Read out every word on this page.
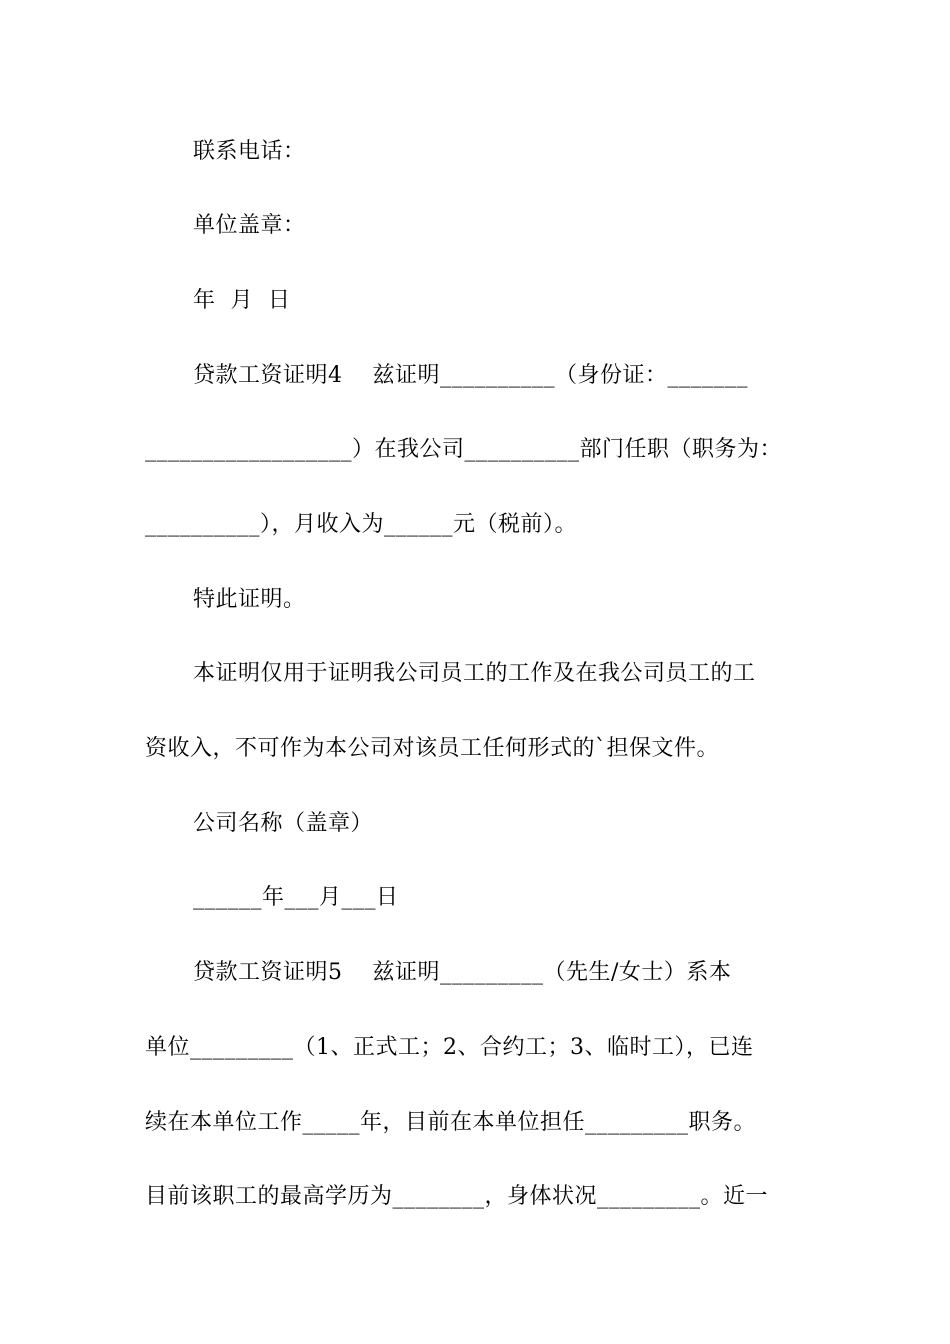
联系电话：
单位盖章：
年  月  日
贷款工资证明4    兹证明__________（身份证：_______
__________________）在我公司__________部门任职（职务为：
__________），月收入为______元（税前）。
特此证明。
本证明仅用于证明我公司员工的工作及在我公司员工的工
资收入，不可作为本公司对该员工任何形式的`担保文件。
公司名称（盖章）
______年___月___日
贷款工资证明5    兹证明_________（先生/女士）系本
单位_________（1、正式工；2、合约工；3、临时工），已连
续在本单位工作_____年，目前在本单位担任_________职务。
目前该职工的最高学历为________，身体状况_________。近一
